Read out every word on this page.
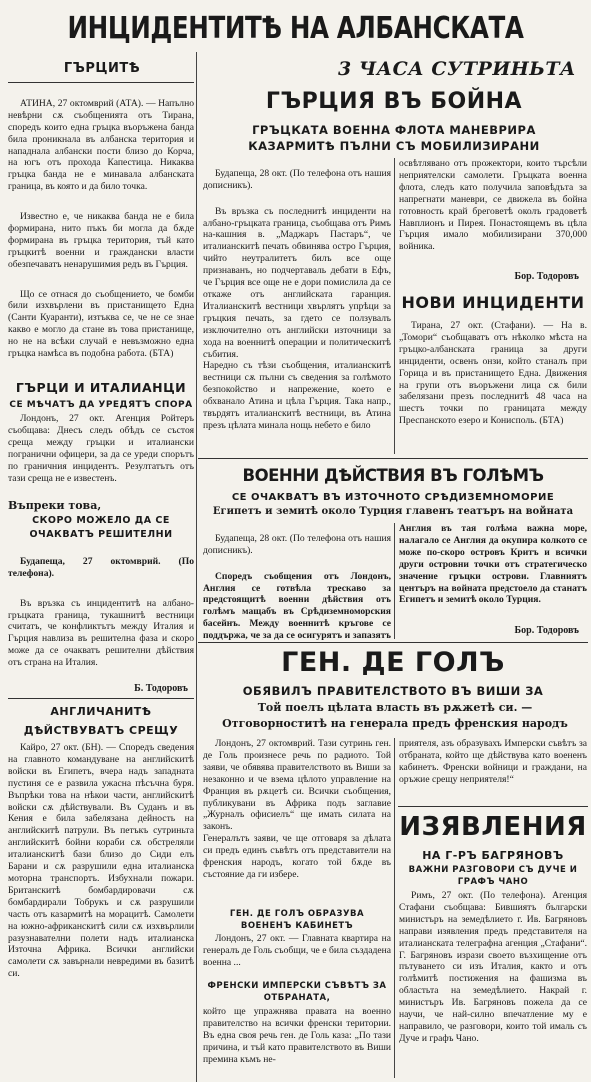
ИНЦИДЕНТИТѢ НА АЛБАНСКАТА
3 ЧАСА СУТРИНЬТА
ГЪРЦИТѢ

АТИНА, 27 октомврий (АТА). — Напълно невѣрни сѫ съобщенията отъ Тирана, споредъ които една гръцка въоръжена банда била проникнала въ албанска територия и нападнала албански пости близо до Корча, на югъ отъ прохода Капестица. Никаква гръцка банда не е минавала албанската граница, въ която и да било точка.

Известно е, че никаква банда не е била формирана, нито пъкъ би могла да бѫде формирана въ гръцка територия, тъй като гръцкитѣ военни и граждански власти обезпечаватъ ненарушимия редъ въ Гърция.

Що се отнася до съобщението, че бомби били изхвърлени въ пристанището Една (Санти Куаранти), изтъква се, че не се знае какво е могло да стане въ това пристанище, но не на всѣки случай е невъзможно една гръцка намѣса въ подобна работа. (БТА)

ГЪРЦИ И ИТАЛИАНЦИ
СЕ МѢЧАТЪ ДА УРЕДЯТЪ СПОРА
Лондонъ, 27 окт. Агенция Ройтеръ съобщава: Днесъ следъ обѣдъ се състоя среща между гръцки и италиански погранични офицери, за да се уреди спорътъ по граничния инцидентъ. Резултатътъ отъ тази среща не е известенъ.
Въпреки това,
СКОРО МОЖЕЛО ДА СЕ ОЧАКВАТЪ РЕШИТЕЛНИ

Будапеща, 27 октомврий. (По телефона).

Въ връзка съ инцидентитѣ на албано-гръцката граница, тукашнитѣ вестници считатъ, че конфликтътъ между Италия и Гърция навлиза въ решителна фаза и скоро може да се очакватъ решителни дѣйствия отъ страна на Италия.

Б. Тодоровъ
АНГЛИЧАНИТѢ ДѢЙСТВУВАТЪ СРЕЩУ
Кайро, 27 окт. (БН). — Споредъ сведения на главното командуване на английскитѣ войски въ Египетъ, вчера надъ западната пустиня се е развила ужасна пѣсъчна буря. Въпрѣки това на нѣкои части, английскитѣ войски сѫ дѣйствували. Въ Суданъ и въ Кения е била забелязана дейность на английскитѣ патрули. Въ петъкъ сутриньта английскитѣ бойни кораби сѫ обстреляли италианскитѣ бази близо до Сиди елъ Барани и сѫ разрушили една италианска моторна транспортъ. Избухнали пожари. Британскитѣ бомбардировачи сѫ бомбардирали Тобрукъ и сѫ разрушили часть отъ казармитѣ на морацитѣ. Самолети на южно-африканскитѣ сили сѫ изхвърлили разузнавателни полети надъ италианска Източна Африка. Всички английски самолети сѫ завърнали невредими въ базитѣ си.
ГЪРЦИЯ ВЪ БОЙНА
ГРЪЦКАТА ВОЕННА ФЛОТА МАНЕВРИРА
КАЗАРМИТѢ ПЪЛНИ СЪ МОБИЛИЗИРАНИ

Будапеща, 28 окт. (По телефона отъ нашия дописникъ).

Въ връзка съ последнитѣ инциденти на албано-гръцката граница, съобщава отъ Римъ на-кашния в. „Маджаръ Пастаръ“, че италианскитѣ печать обвинява остро Гърция, чийто неутралитетъ билъ все още признаванъ, но подчертаваль дебати в Ефъ, че Гърция все още не е дори помислила да се откаже отъ английската гаранция. Италианскитѣ вестници хвърлятъ упрѣци за гръцкия печать, за гдето се ползувалъ изключително отъ английски източници за хода на военнитѣ операции и политическитѣ събития.
Наредно съ тѣзи съобщения, италианскитѣ вестници сѫ пълни съ сведения за голѣмото безпокойство и напрежение, което е обхванало Атина и цѣла Гърция. Така напр., твърдятъ италианскитѣ вестници, въ Атина презъ цѣлата минала нощь небето е било

освѣтлявано отъ прожектори, които търсѣли неприятелски самолети. Гръцката военна флота, следъ като получила заповѣдъта за напрегнати маневри, се движела въ бойна готовность край бреговетѣ околъ градоветѣ Навплионъ и Пирея. Понастоящемъ въ цѣла Гърция имало мобилизирани 370,000 войника.
Бор. Тодоровъ
НОВИ ИНЦИДЕНТИ
Тирана, 27 окт. (Стафани). — На в. „Томори“ съобщаватъ отъ нѣколко мѣста на гръцко-албанската граница за други инциденти, освенъ онзи, който станалъ при Горица и въ пристанището Една. Движения на групи отъ въоръжени лица сѫ били забелязани презъ последнитѣ 48 часа на шестъ точки по границата между Преспанското езеро и Конисполь. (БТА)
ВОЕННИ ДѢЙСТВИЯ ВЪ ГОЛѢМЪ
СЕ ОЧАКВАТЪ ВЪ ИЗТОЧНОТО СРѢДИЗЕМНОМОРИЕ
Египетъ и земитѣ около Турция главенъ театъръ на войната

Будапеща, 28 окт. (По телефона отъ нашия дописникъ).

Споредъ съобщения отъ Лондонъ, Англия се готвѣла трескаво за предстоящитѣ военни дѣйствия отъ голѣмъ мащабъ въ Срѣдиземноморския басейнъ. Между военнитѣ кръгове се поддържа, че за да се осигурятъ и запазятъ

Англия въ тая голѣма важна море, налагало се Англия да окупира колкото се може по-скоро островъ Критъ и всички други островни точки отъ стратегическо значение гръцки острови. Главниятъ центъръ на войната предстоело да станатъ Египетъ и земитѣ около Турция.
Бор. Тодоровъ
ГЕН. ДЕ ГОЛЪ
ОБЯВИЛЪ ПРАВИТЕЛСТВОТО ВЪ ВИШИ ЗА
Той поелъ цѣлата власть въ рѫжетѣ си. — Отговорноститѣ на генерала предъ френския народъ
Лондонъ, 27 октомврий. Тази сутринь ген. де Голь произнесе речь по радиото. Той заяви, че обявява правителството въ Виши за незаконно и че взема цѣлото управление на Франция въ рѫцетѣ си. Всички съобщения, публикувани въ Африка подъ заглавие „Журналъ офисиелъ“ ще имать силата на законъ.
Генералътъ заяви, че ще отговаря за дѣлата си предъ единъ съвѣтъ отъ представители на френския народъ, когато той бѫде въ състояние да ги избере.
ГЕН. ДЕ ГОЛЪ ОБРАЗУВА ВОЕНЕНЪ КАБИНЕТЪ
Лондонъ, 27 окт. — Главната квартира на генералъ де Голь съобщи, че е била създадена военна ...
ФРЕНСКИ ИМПЕРСКИ СЪВѢТЪ ЗА ОТБРАНАТА,
който ще упражнява правата на военно правителство на всички френски територии. Въ една своя речь ген. де Голь каза: „По тази причина, и тъй като правителството въ Виши премина къмъ не-
приятеля, азъ образувахъ Имперски съвѣтъ за отбраната, който ще дѣйствува като воененъ кабинетъ. Френски войници и граждани, на оръжие срещу неприятеля!“
ИЗЯВЛЕНИЯ
НА Г-РЪ БАГРЯНОВЪ
ВАЖНИ РАЗГОВОРИ СЪ ДУЧЕ И ГРАФЪ ЧАНО
Римъ, 27 окт. (По телефона). Агенция Стафани съобщава: Бившиятъ български министъръ на земедѣлието г. Ив. Багряновъ направи изявления предъ представителя на италианската телеграфна агенция „Стафани“. Г. Багряновъ изрази своето възхищение отъ пътуването си изъ Италия, както и отъ голѣмитѣ постижения на фашизма въ областьта на земедѣлието. Накрай г. министъръ Ив. Багряновъ пожела да се научи, че най-силно впечатление му е направило, че разговори, които той ималь съ Дуче и графъ Чано.
